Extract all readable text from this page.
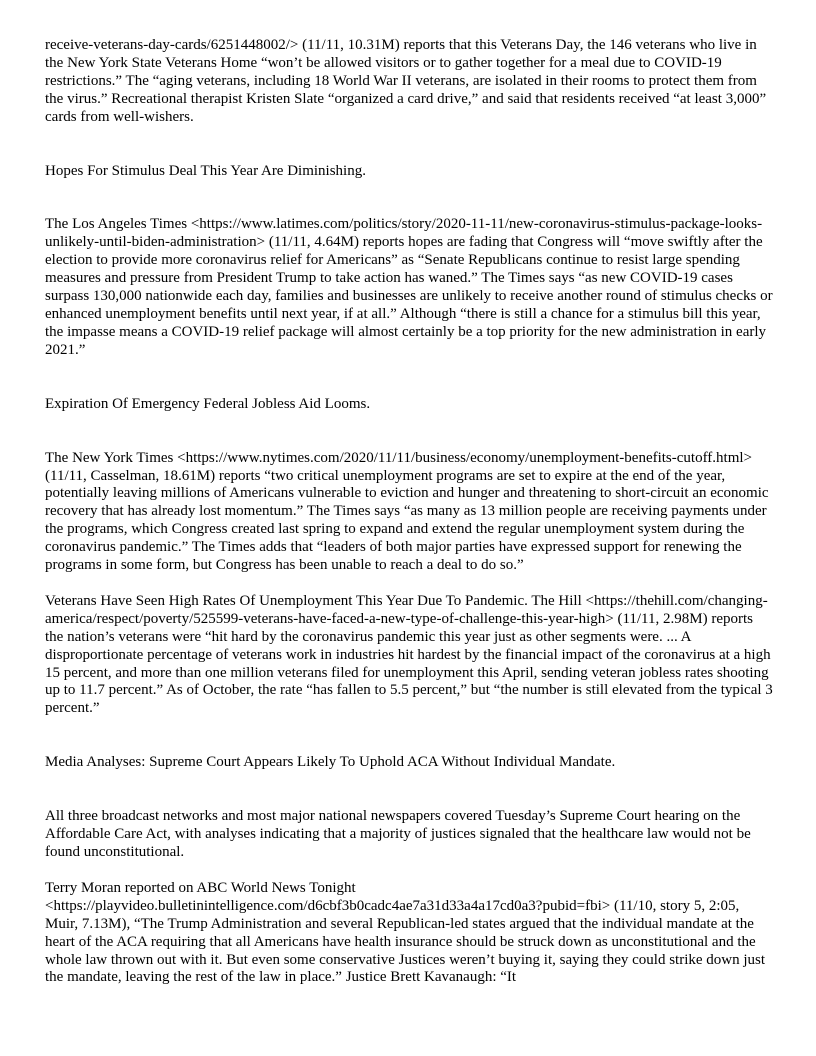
receive-veterans-day-cards/6251448002/> (11/11, 10.31M) reports that this Veterans Day, the 146 veterans who live in the New York State Veterans Home “won’t be allowed visitors or to gather together for a meal due to COVID-19 restrictions.” The “aging veterans, including 18 World War II veterans, are isolated in their rooms to protect them from the virus.” Recreational therapist Kristen Slate “organized a card drive,” and said that residents received “at least 3,000” cards from well-wishers.

Hopes For Stimulus Deal This Year Are Diminishing.

The Los Angeles Times <https://www.latimes.com/politics/story/2020-11-11/new-coronavirus-stimulus-package-looks-unlikely-until-biden-administration> (11/11, 4.64M) reports hopes are fading that Congress will “move swiftly after the election to provide more coronavirus relief for Americans” as “Senate Republicans continue to resist large spending measures and pressure from President Trump to take action has waned.” The Times says “as new COVID-19 cases surpass 130,000 nationwide each day, families and businesses are unlikely to receive another round of stimulus checks or enhanced unemployment benefits until next year, if at all.” Although “there is still a chance for a stimulus bill this year, the impasse means a COVID-19 relief package will almost certainly be a top priority for the new administration in early 2021.”

Expiration Of Emergency Federal Jobless Aid Looms.

The New York Times <https://www.nytimes.com/2020/11/11/business/economy/unemployment-benefits-cutoff.html> (11/11, Casselman, 18.61M) reports “two critical unemployment programs are set to expire at the end of the year, potentially leaving millions of Americans vulnerable to eviction and hunger and threatening to short-circuit an economic recovery that has already lost momentum.” The Times says “as many as 13 million people are receiving payments under the programs, which Congress created last spring to expand and extend the regular unemployment system during the coronavirus pandemic.” The Times adds that “leaders of both major parties have expressed support for renewing the programs in some form, but Congress has been unable to reach a deal to do so.”

Veterans Have Seen High Rates Of Unemployment This Year Due To Pandemic. The Hill <https://thehill.com/changing-america/respect/poverty/525599-veterans-have-faced-a-new-type-of-challenge-this-year-high> (11/11, 2.98M) reports the nation’s veterans were “hit hard by the coronavirus pandemic this year just as other segments were. ... A disproportionate percentage of veterans work in industries hit hardest by the financial impact of the coronavirus at a high 15 percent, and more than one million veterans filed for unemployment this April, sending veteran jobless rates shooting up to 11.7 percent.” As of October, the rate “has fallen to 5.5 percent,” but “the number is still elevated from the typical 3 percent.”

Media Analyses: Supreme Court Appears Likely To Uphold ACA Without Individual Mandate.

All three broadcast networks and most major national newspapers covered Tuesday’s Supreme Court hearing on the Affordable Care Act, with analyses indicating that a majority of justices signaled that the healthcare law would not be found unconstitutional.

Terry Moran reported on ABC World News Tonight <https://playvideo.bulletinintelligence.com/d6cbf3b0cadc4ae7a31d33a4a17cd0a3?pubid=fbi> (11/10, story 5, 2:05, Muir, 7.13M), “The Trump Administration and several Republican-led states argued that the individual mandate at the heart of the ACA requiring that all Americans have health insurance should be struck down as unconstitutional and the whole law thrown out with it. But even some conservative Justices weren’t buying it, saying they could strike down just the mandate, leaving the rest of the law in place.” Justice Brett Kavanaugh: “It
